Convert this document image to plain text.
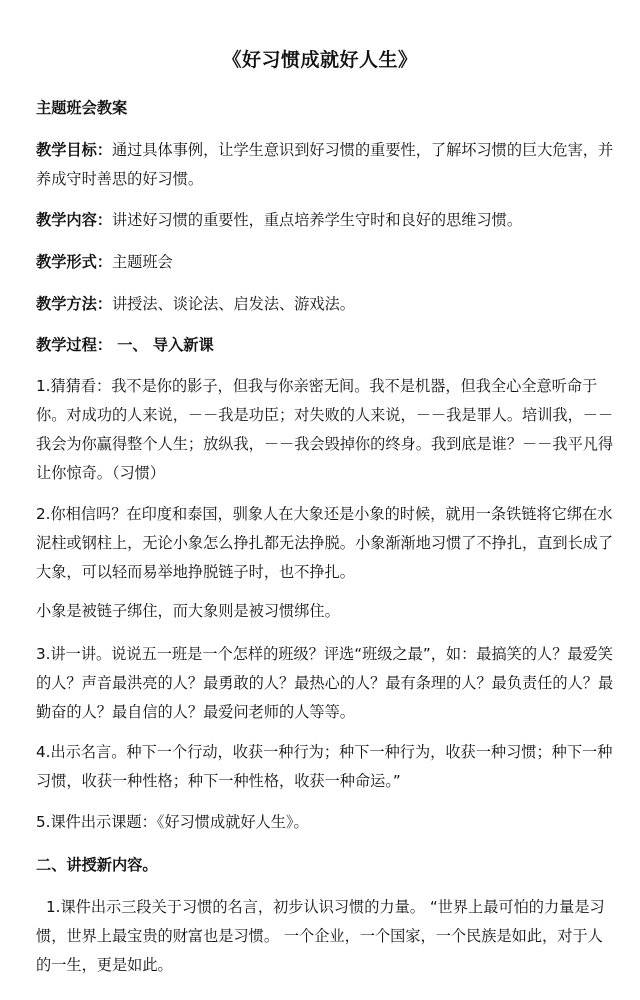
《好习惯成就好人生》

主题班会教案

教学目标：通过具体事例，让学生意识到好习惯的重要性，了解坏习惯的巨大危害，并养成守时善思的好习惯。

教学内容：讲述好习惯的重要性，重点培养学生守时和良好的思维习惯。

教学形式：主题班会

教学方法：讲授法、谈论法、启发法、游戏法。

教学过程： 一、 导入新课

1.猜猜看：我不是你的影子，但我与你亲密无间。我不是机器，但我全心全意听命于你。对成功的人来说，－－我是功臣；对失败的人来说，－－我是罪人。培训我，－－我会为你赢得整个人生；放纵我，－－我会毁掉你的终身。我到底是谁？－－我平凡得让你惊奇。（习惯）

2.你相信吗？在印度和泰国，驯象人在大象还是小象的时候，就用一条铁链将它绑在水泥柱或钢柱上，无论小象怎么挣扎都无法挣脱。小象渐渐地习惯了不挣扎，直到长成了大象，可以轻而易举地挣脱链子时，也不挣扎。

小象是被链子绑住，而大象则是被习惯绑住。

3.讲一讲。说说五一班是一个怎样的班级？评选“班级之最”，如：最搞笑的人？最爱笑的人？声音最洪亮的人？最勇敢的人？最热心的人？最有条理的人？最负责任的人？最勤奋的人？最自信的人？最爱问老师的人等等。

4.出示名言。种下一个行动，收获一种行为；种下一种行为，收获一种习惯；种下一种习惯，收获一种性格；种下一种性格，收获一种命运。”

5.课件出示课题：《好习惯成就好人生》。

二、讲授新内容。

1.课件出示三段关于习惯的名言，初步认识习惯的力量。 “世界上最可怕的力量是习惯，世界上最宝贵的财富也是习惯。 一个企业，一个国家，一个民族是如此，对于人的一生，更是如此。
